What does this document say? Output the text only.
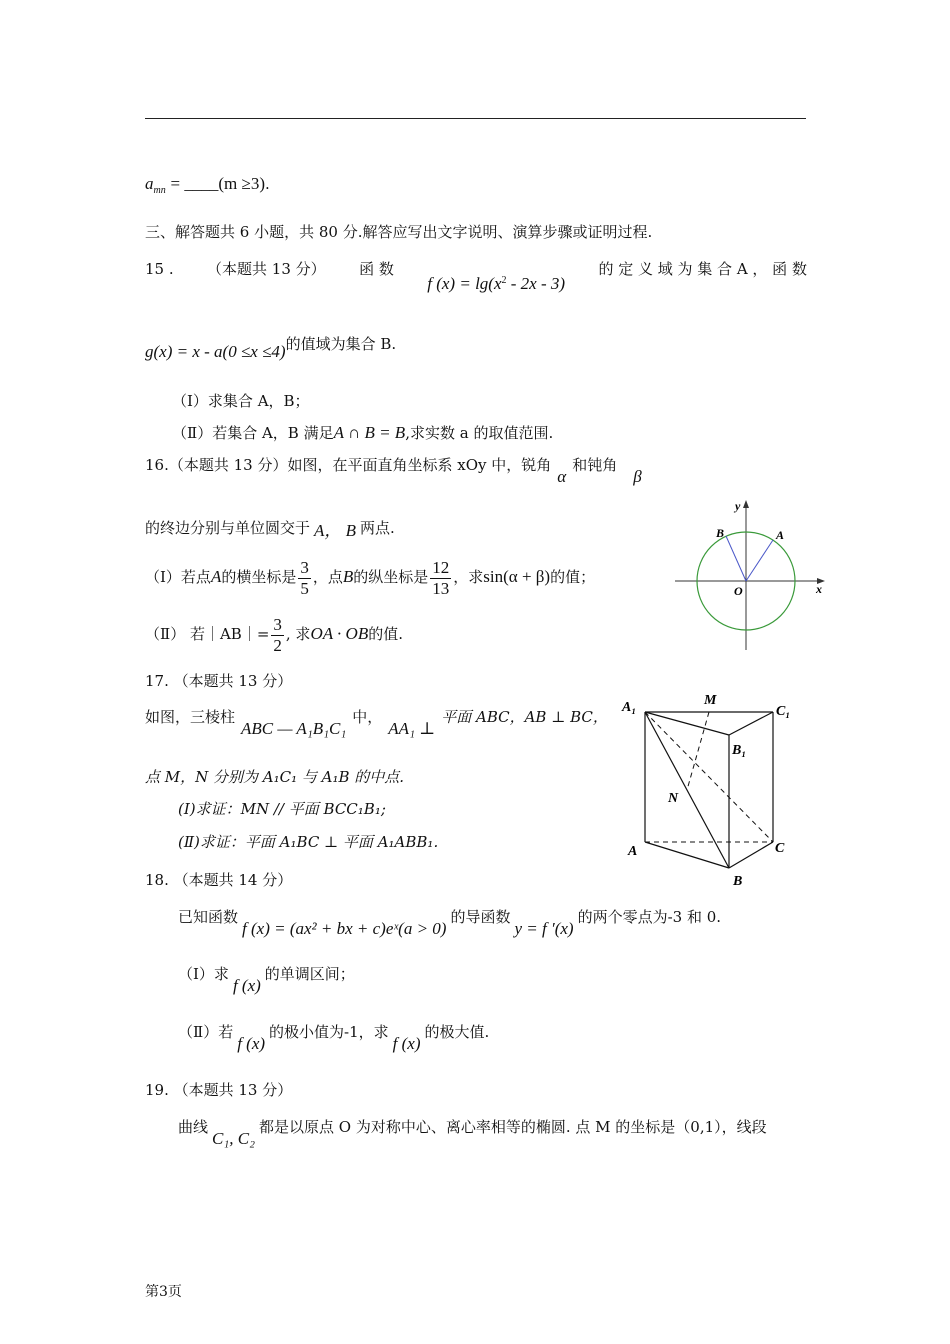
$a_{mn}$ = ____(m ≥3).
三、解答题共 6 小题，共 80 分.解答应写出文字说明、演算步骤或证明过程.
15 . （本题共 13 分） 函 数
f $(x) = \lg(x^2 - 2x - 3)$
的 定 义 域 为 集 合 A ， 函 数
g(x) = x - a(0 ≤x ≤4)的值域为集合 B.
（Ⅰ）求集合 A，B；
（Ⅱ）若集合 A，B 满足A ∩ B = B,求实数 a 的取值范围.
16.（本题共 13 分）如图，在平面直角坐标系 xOy 中，锐角α和钝角β
的终边分别与单位圆交于 A， B 两点.
（Ⅰ）若点A的横坐标是 $\frac{3}{5}$ ，点B的纵坐标是 $\frac{12}{13}$ ，求sin(α + β)的值；
（Ⅱ） 若｜AB｜= $\frac{3}{2}$ , 求OA · OB的值.
y
x
O
A
B
17. （本题共 13 分）
如图，三棱柱ABC — A₁B₁C₁中，AA₁ ⊥平面 ABC，AB ⊥ BC，
点 M，N 分别为 A₁C₁ 与 A₁B 的中点.
(Ⅰ)求证：MN // 平面 BCC₁B₁;
(Ⅱ)求证：平面 A₁BC ⊥ 平面 A₁ABB₁.
A₁	M
C₁
B₁
N
A	C
B
18. （本题共 14 分）
已知函数f (x) = (ax² + bx + c)eˣ(a > 0)的导函数y = f ′(x)的两个零点为-3 和 0.
（Ⅰ）求f (x)的单调区间；
（Ⅱ）若f (x)的极小值为-1，求f (x)的极大值.
19. （本题共 13 分）
曲线C₁, C₂都是以原点 O 为对称中心、离心率相等的椭圆. 点 M 的坐标是（0,1），线段
第3页
